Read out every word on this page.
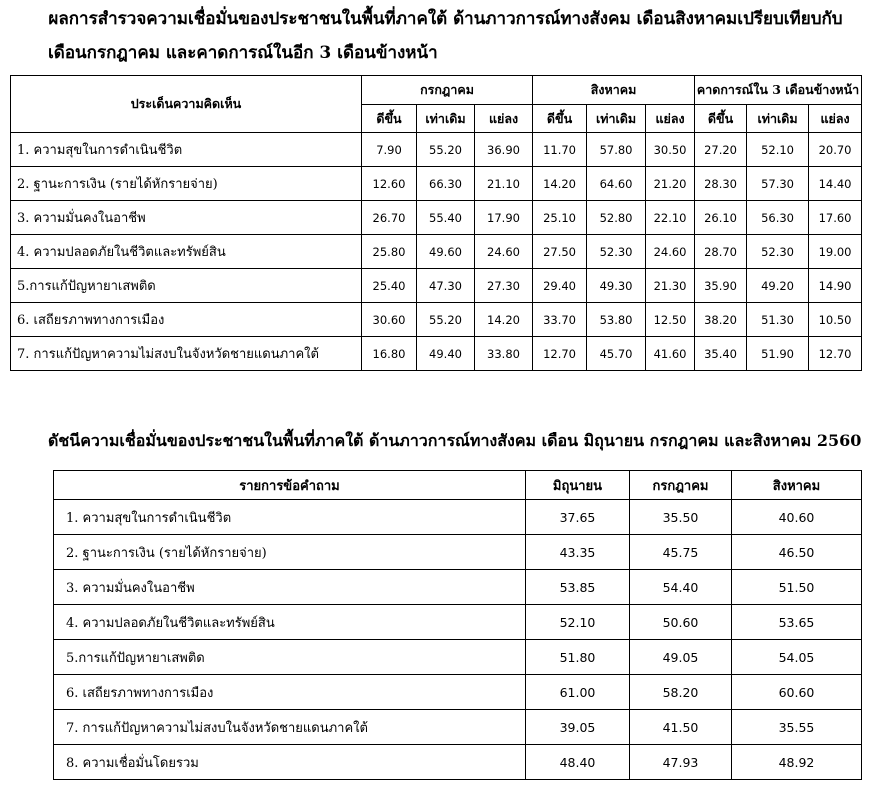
ผลการสำรวจความเชื่อมั่นของประชาชนในพื้นที่ภาคใต้ ด้านภาวการณ์ทางสังคม เดือนสิงหาคมเปรียบเทียบกับ
เดือนกรกฎาคม และคาดการณ์ในอีก 3 เดือนข้างหน้า
ประเด็นความคิดเห็น	กรกฎาคม			สิงหาคม			คาดการณ์ใน 3 เดือนข้างหน้า		
	ดีขึ้น	เท่าเดิม	แย่ลง	ดีขึ้น	เท่าเดิม	แย่ลง	ดีขึ้น	เท่าเดิม	แย่ลง
1. ความสุขในการดำเนินชีวิต	7.90	55.20	36.90	11.70	57.80	30.50	27.20	52.10	20.70
2. ฐานะการเงิน (รายได้หักรายจ่าย)	12.60	66.30	21.10	14.20	64.60	21.20	28.30	57.30	14.40
3. ความมั่นคงในอาชีพ	26.70	55.40	17.90	25.10	52.80	22.10	26.10	56.30	17.60
4. ความปลอดภัยในชีวิตและทรัพย์สิน	25.80	49.60	24.60	27.50	52.30	24.60	28.70	52.30	19.00
5.การแก้ปัญหายาเสพติด	25.40	47.30	27.30	29.40	49.30	21.30	35.90	49.20	14.90
6. เสถียรภาพทางการเมือง	30.60	55.20	14.20	33.70	53.80	12.50	38.20	51.30	10.50
7. การแก้ปัญหาความไม่สงบในจังหวัดชายแดนภาคใต้	16.80	49.40	33.80	12.70	45.70	41.60	35.40	51.90	12.70
ดัชนีความเชื่อมั่นของประชาชนในพื้นที่ภาคใต้ ด้านภาวการณ์ทางสังคม เดือน มิถุนายน กรกฎาคม และสิงหาคม 2560
รายการข้อคำถาม	มิถุนายน	กรกฎาคม	สิงหาคม
1. ความสุขในการดำเนินชีวิต	37.65	35.50	40.60
2. ฐานะการเงิน (รายได้หักรายจ่าย)	43.35	45.75	46.50
3. ความมั่นคงในอาชีพ	53.85	54.40	51.50
4. ความปลอดภัยในชีวิตและทรัพย์สิน	52.10	50.60	53.65
5.การแก้ปัญหายาเสพติด	51.80	49.05	54.05
6. เสถียรภาพทางการเมือง	61.00	58.20	60.60
7. การแก้ปัญหาความไม่สงบในจังหวัดชายแดนภาคใต้	39.05	41.50	35.55
8. ความเชื่อมั่นโดยรวม	48.40	47.93	48.92
